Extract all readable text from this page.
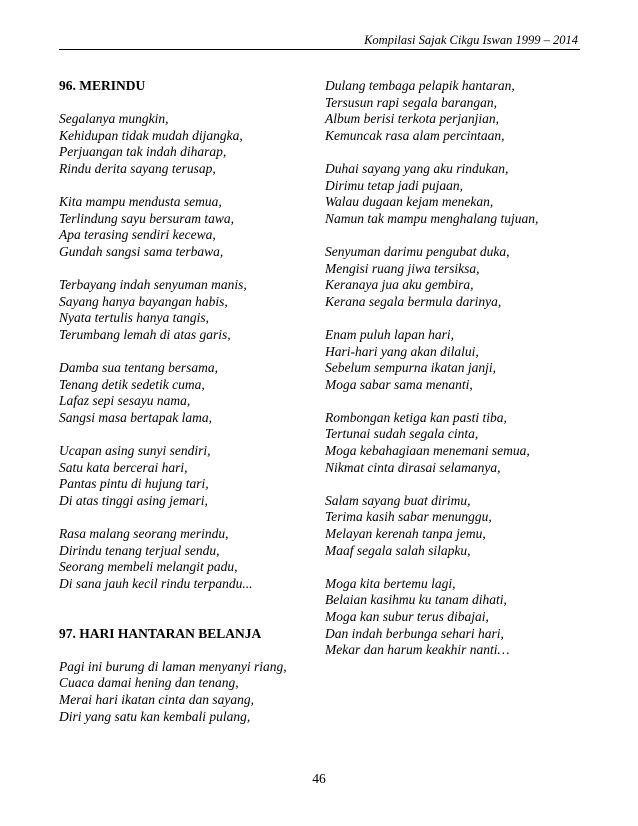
Kompilasi Sajak Cikgu Iswan 1999 – 2014

96. MERINDU

Segalanya mungkin,
Kehidupan tidak mudah dijangka,
Perjuangan tak indah diharap,
Rindu derita sayang terusap,
Kita mampu mendusta semua,
Terlindung sayu bersuram tawa,
Apa terasing sendiri kecewa,
Gundah sangsi sama terbawa,
Terbayang indah senyuman manis,
Sayang hanya bayangan habis,
Nyata tertulis hanya tangis,
Terumbang lemah di atas garis,
Damba sua tentang bersama,
Tenang detik sedetik cuma,
Lafaz sepi sesayu nama,
Sangsi masa bertapak lama,
Ucapan asing sunyi sendiri,
Satu kata bercerai hari,
Pantas pintu di hujung tari,
Di atas tinggi asing jemari,
Rasa malang seorang merindu,
Dirindu tenang terjual sendu,
Seorang membeli melangit padu,
Di sana jauh kecil rindu terpandu...

97. HARI HANTARAN BELANJA

Pagi ini burung di laman menyanyi riang,
Cuaca damai hening dan tenang,
Merai hari ikatan cinta dan sayang,
Diri yang satu kan kembali pulang,
Dulang tembaga pelapik hantaran,
Tersusun rapi segala barangan,
Album berisi terkota perjanjian,
Kemuncak rasa alam percintaan,
Duhai sayang yang aku rindukan,
Dirimu tetap jadi pujaan,
Walau dugaan kejam menekan,
Namun tak mampu menghalang tujuan,
Senyuman darimu pengubat duka,
Mengisi ruang jiwa tersiksa,
Keranaya jua aku gembira,
Kerana segala bermula darinya,
Enam puluh lapan hari,
Hari-hari yang akan dilalui,
Sebelum sempurna ikatan janji,
Moga sabar sama menanti,
Rombongan ketiga kan pasti tiba,
Tertunai sudah segala cinta,
Moga kebahagiaan menemani semua,
Nikmat cinta dirasai selamanya,
Salam sayang buat dirimu,
Terima kasih sabar menunggu,
Melayan kerenah tanpa jemu,
Maaf segala salah silapku,
Moga kita bertemu lagi,
Belaian kasihmu ku tanam dihati,
Moga kan subur terus dibajai,
Dan indah berbunga sehari hari,
Mekar dan harum keakhir nanti…
46
